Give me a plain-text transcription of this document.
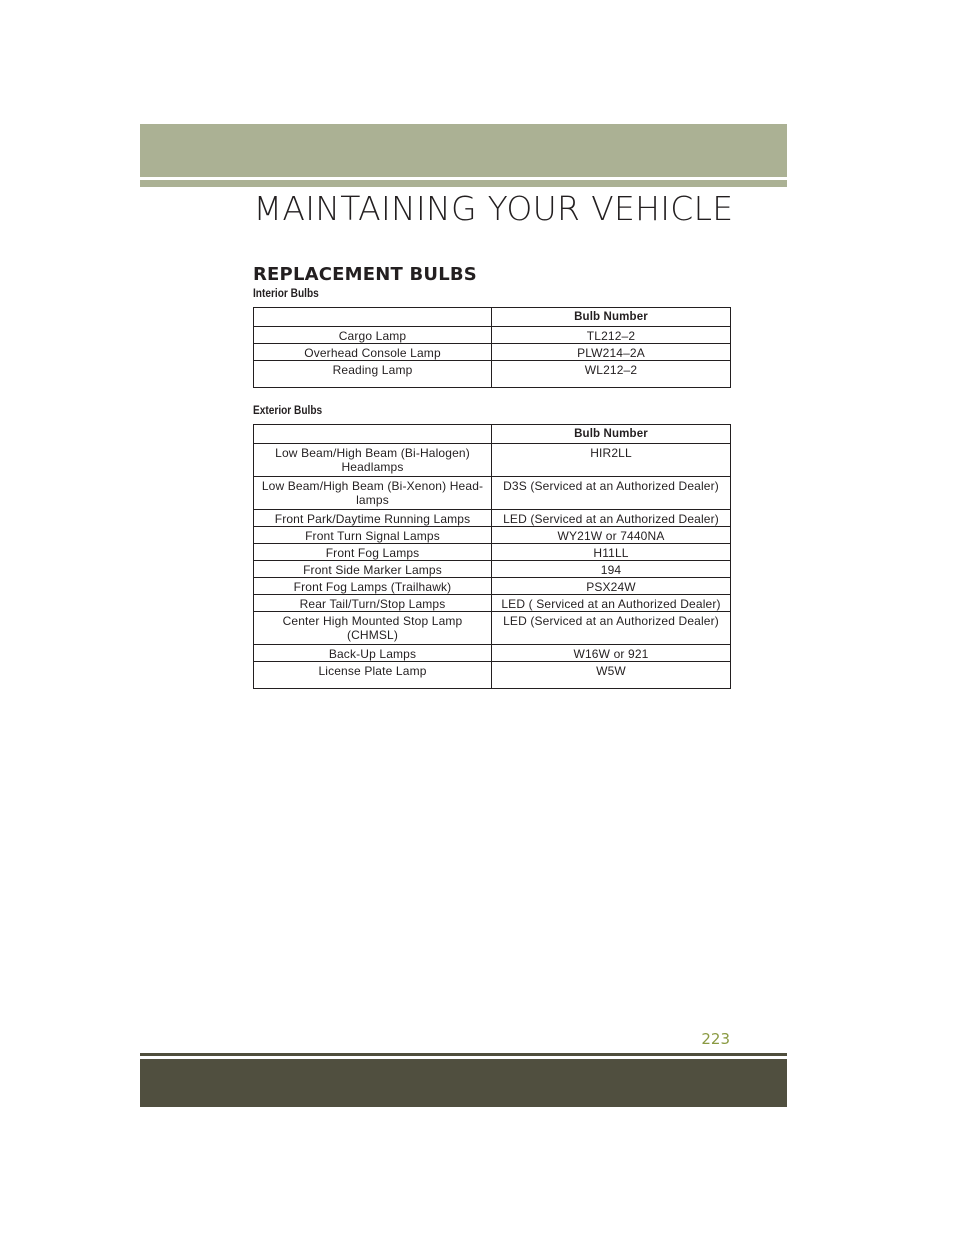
MAINTAINING YOUR VEHICLE
REPLACEMENT BULBS
Interior Bulbs
	Bulb Number
Cargo Lamp	TL212–2
Overhead Console Lamp	PLW214–2A
Reading Lamp	WL212–2
Exterior Bulbs
	Bulb Number
Low Beam/High Beam (Bi-Halogen) Headlamps	HIR2LL
Low Beam/High Beam (Bi-Xenon) Head-lamps	D3S (Serviced at an Authorized Dealer)
Front Park/Daytime Running Lamps	LED (Serviced at an Authorized Dealer)
Front Turn Signal Lamps	WY21W or 7440NA
Front Fog Lamps	H11LL
Front Side Marker Lamps	194
Front Fog Lamps (Trailhawk)	PSX24W
Rear Tail/Turn/Stop Lamps	LED ( Serviced at an Authorized Dealer)
Center High Mounted Stop Lamp (CHMSL)	LED (Serviced at an Authorized Dealer)
Back-Up Lamps	W16W or 921
License Plate Lamp	W5W
223
